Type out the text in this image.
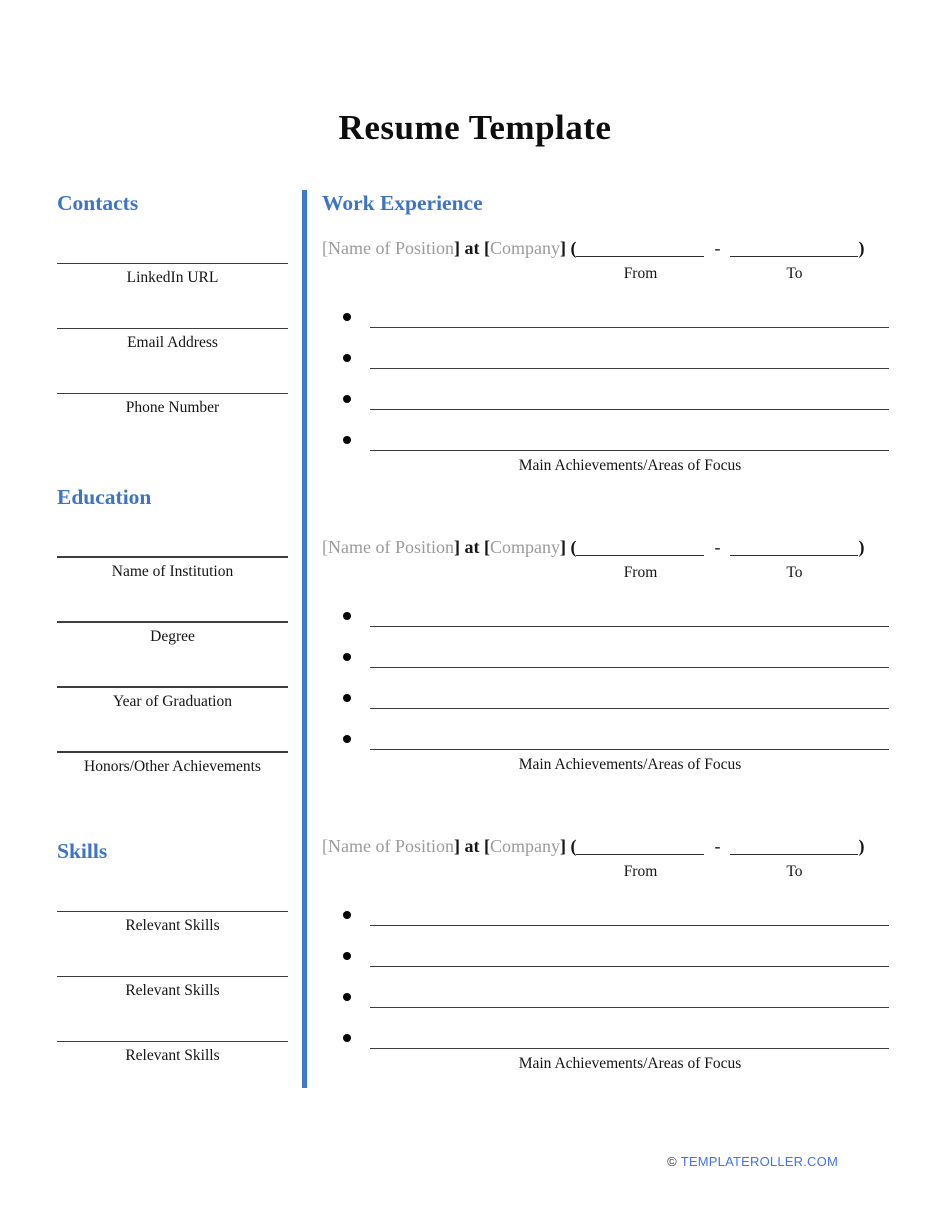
Resume Template
Contacts
LinkedIn URL
Email Address
Phone Number
Education
Name of Institution
Degree
Year of Graduation
Honors/Other Achievements
Skills
Relevant Skills
Relevant Skills
Relevant Skills
Work Experience
[Name of Position] at [Company] (	-	)
From	To
Main Achievements/Areas of Focus
[Name of Position] at [Company] (	-	)
From	To
Main Achievements/Areas of Focus
[Name of Position] at [Company] (	-	)
From	To
Main Achievements/Areas of Focus
© TEMPLATEROLLER.COM
